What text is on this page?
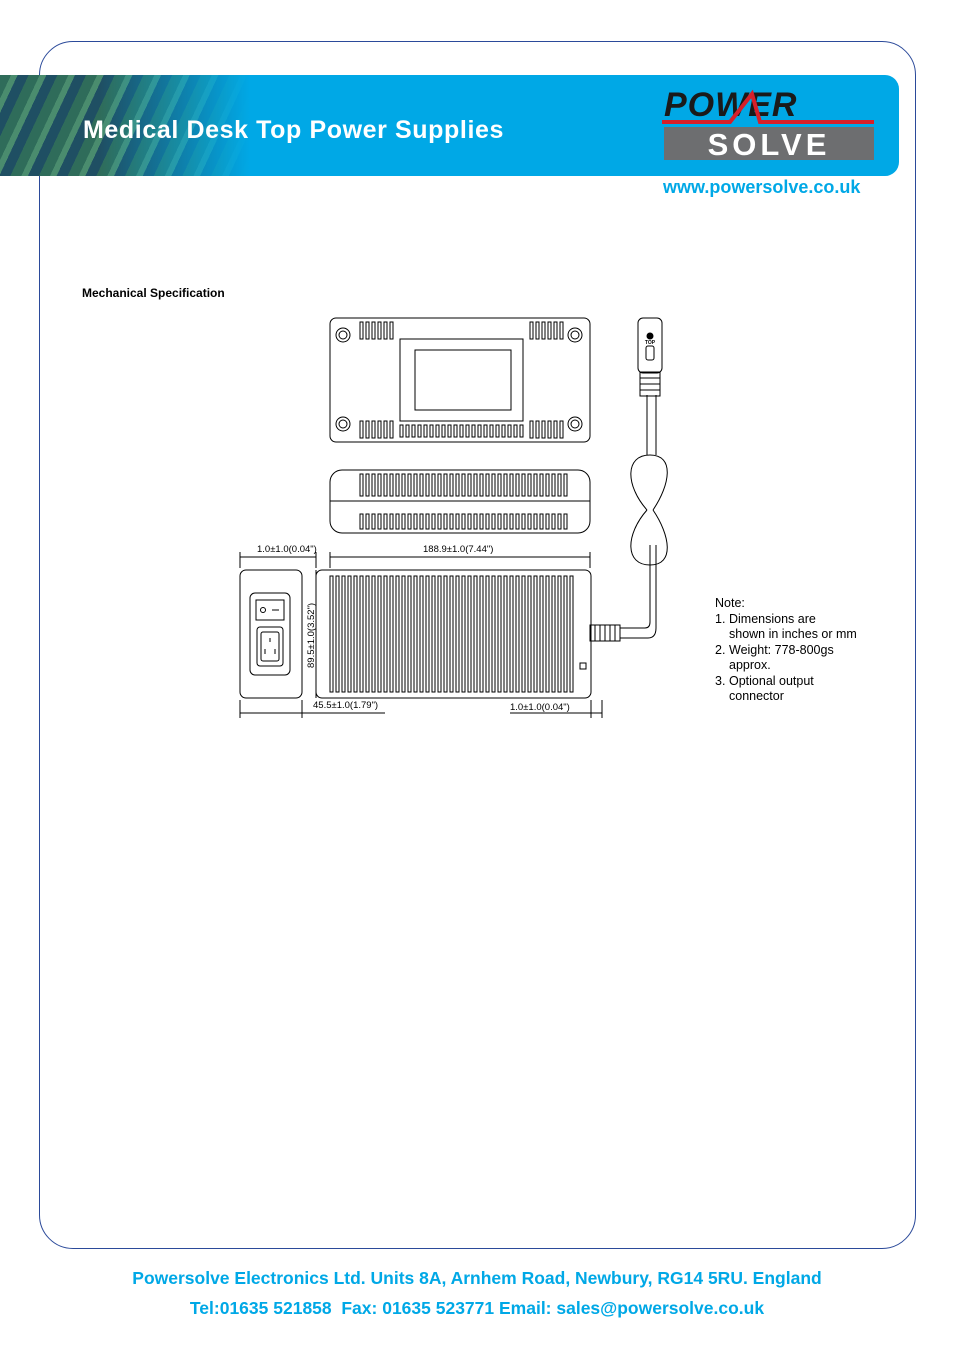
Medical Desk Top Power Supplies
POWER
SOLVE
www.powersolve.co.uk
Mechanical Specification
1.0±1.0(0.04")	188.9±1.0(7.44")
45.5±1.0(1.79")	1.0±1.0(0.04")
89.5±1.0(3.52")
TOP
Note:
1. Dimensions are
shown in inches or mm
2. Weight: 778-800gs
approx.
3. Optional output
connector
Powersolve Electronics Ltd. Units 8A, Arnhem Road, Newbury, RG14 5RU. England
Tel:01635 521858  Fax: 01635 523771 Email: sales@powersolve.co.uk
